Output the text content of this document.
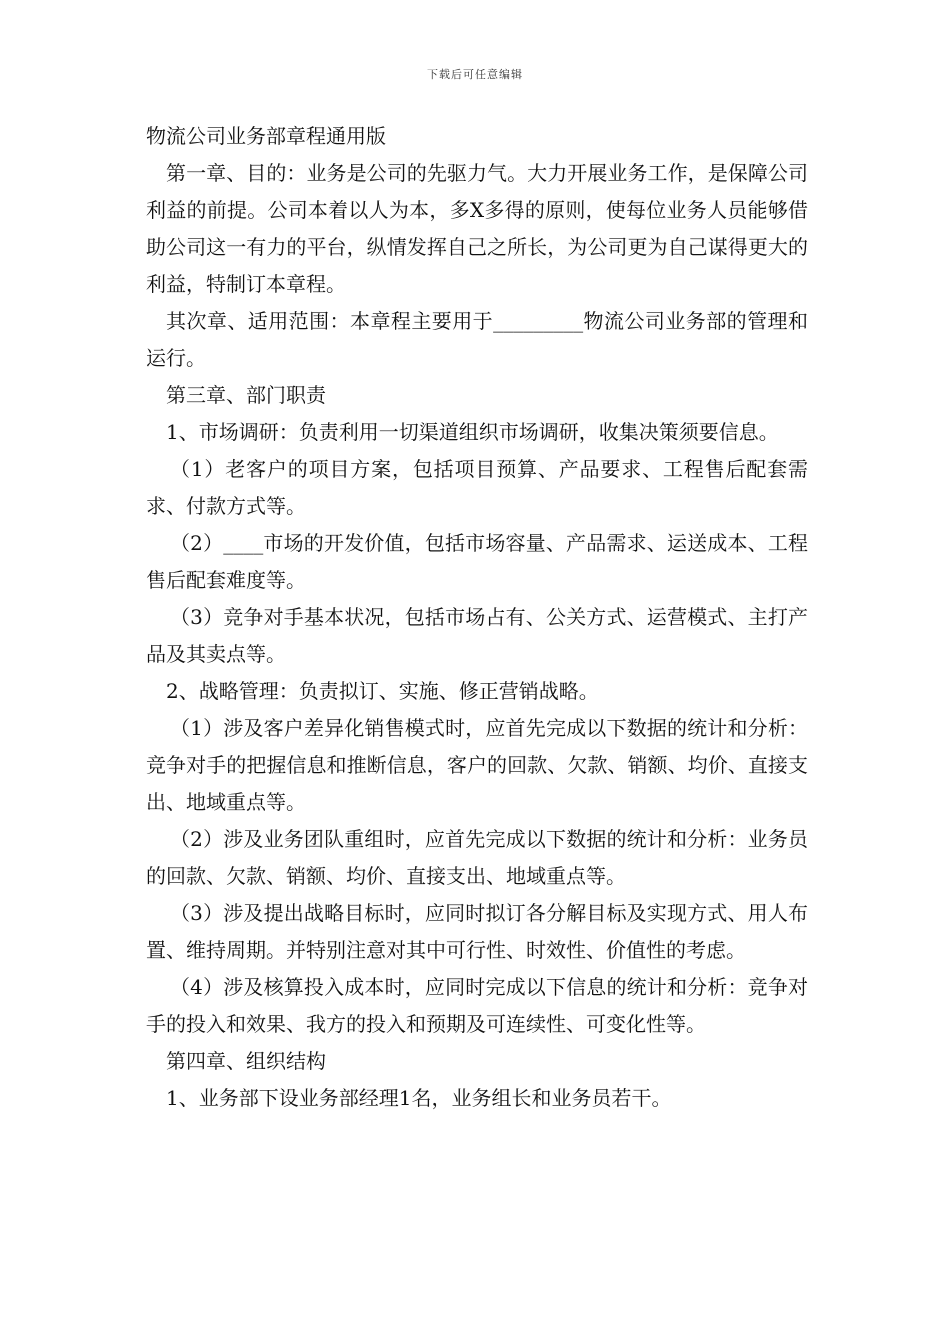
下载后可任意编辑

物流公司业务部章程通用版

第一章、目的：业务是公司的先驱力气。大力开展业务工作，是保障公司利益的前提。公司本着以人为本，多X多得的原则，使每位业务人员能够借助公司这一有力的平台，纵情发挥自己之所长，为公司更为自己谋得更大的利益，特制订本章程。

其次章、适用范围：本章程主要用于_________物流公司业务部的管理和运行。

第三章、部门职责

1、市场调研：负责利用一切渠道组织市场调研，收集决策须要信息。

（1）老客户的项目方案，包括项目预算、产品要求、工程售后配套需求、付款方式等。

（2）____市场的开发价值，包括市场容量、产品需求、运送成本、工程售后配套难度等。

（3）竞争对手基本状况，包括市场占有、公关方式、运营模式、主打产品及其卖点等。

2、战略管理：负责拟订、实施、修正营销战略。

（1）涉及客户差异化销售模式时，应首先完成以下数据的统计和分析：竞争对手的把握信息和推断信息，客户的回款、欠款、销额、均价、直接支出、地域重点等。

（2）涉及业务团队重组时，应首先完成以下数据的统计和分析：业务员的回款、欠款、销额、均价、直接支出、地域重点等。

（3）涉及提出战略目标时，应同时拟订各分解目标及实现方式、用人布置、维持周期。并特别注意对其中可行性、时效性、价值性的考虑。

（4）涉及核算投入成本时，应同时完成以下信息的统计和分析：竞争对手的投入和效果、我方的投入和预期及可连续性、可变化性等。

第四章、组织结构

1、业务部下设业务部经理1名，业务组长和业务员若干。
